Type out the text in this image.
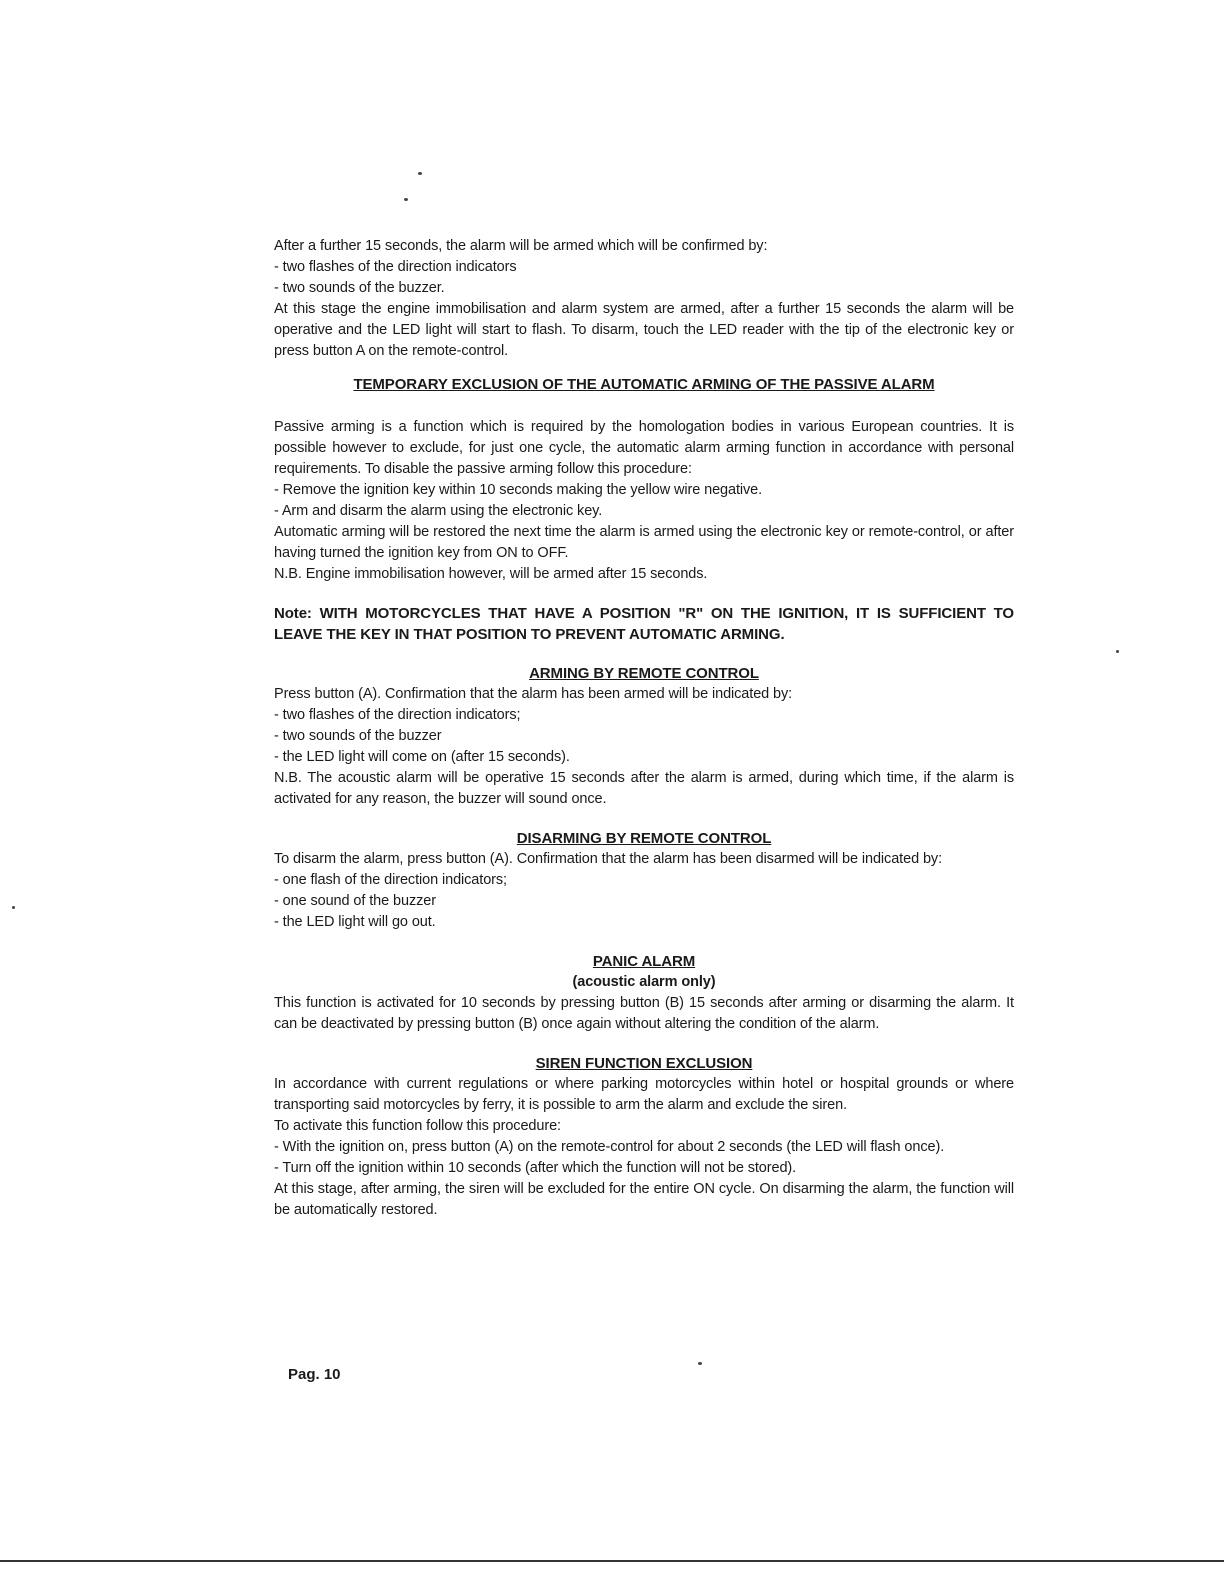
After a further 15 seconds, the alarm will be armed which will be confirmed by:

- two flashes of the direction indicators

- two sounds of the buzzer.

At this stage the engine immobilisation and alarm system are armed, after a further 15 seconds the alarm will be operative and the LED light will start to flash. To disarm, touch the LED reader with the tip of the electronic key or press button A on the remote-control.

TEMPORARY EXCLUSION OF THE AUTOMATIC ARMING OF THE PASSIVE ALARM

Passive arming is a function which is required by the homologation bodies in various European countries. It is possible however to exclude, for just one cycle, the automatic alarm arming function in accordance with personal requirements. To disable the passive arming follow this procedure:

- Remove the ignition key within 10 seconds making the yellow wire negative.

- Arm and disarm the alarm using the electronic key.

Automatic arming will be restored the next time the alarm is armed using the electronic key or remote-control, or after having turned the ignition key from ON to OFF.

N.B. Engine immobilisation however, will be armed after 15 seconds.

Note: WITH MOTORCYCLES THAT HAVE A POSITION "R" ON THE IGNITION, IT IS SUFFICIENT TO LEAVE THE KEY IN THAT POSITION TO PREVENT AUTOMATIC ARMING.

ARMING BY REMOTE CONTROL

Press button (A). Confirmation that the alarm has been armed will be indicated by:

- two flashes of the direction indicators;

- two sounds of the buzzer

- the LED light will come on (after 15 seconds).

N.B. The acoustic alarm will be operative 15 seconds after the alarm is armed, during which time, if the alarm is activated for any reason, the buzzer will sound once.

DISARMING BY REMOTE CONTROL

To disarm the alarm, press button (A). Confirmation that the alarm has been disarmed will be indicated by:

- one flash of the direction indicators;

- one sound of the buzzer

- the LED light will go out.

PANIC ALARM

(acoustic alarm only)

This function is activated for 10 seconds by pressing button (B) 15 seconds after arming or disarming the alarm. It can be deactivated by pressing button (B) once again without altering the condition of the alarm.

SIREN FUNCTION EXCLUSION

In accordance with current regulations or where parking motorcycles within hotel or hospital grounds or where transporting said motorcycles by ferry, it is possible to arm the alarm and exclude the siren.

To activate this function follow this procedure:

- With the ignition on, press button (A) on the remote-control for about 2 seconds (the LED will flash once).

- Turn off the ignition within 10 seconds (after which the function will not be stored).

At this stage, after arming, the siren will be excluded for the entire ON cycle. On disarming the alarm, the function will be automatically restored.

Pag. 10
